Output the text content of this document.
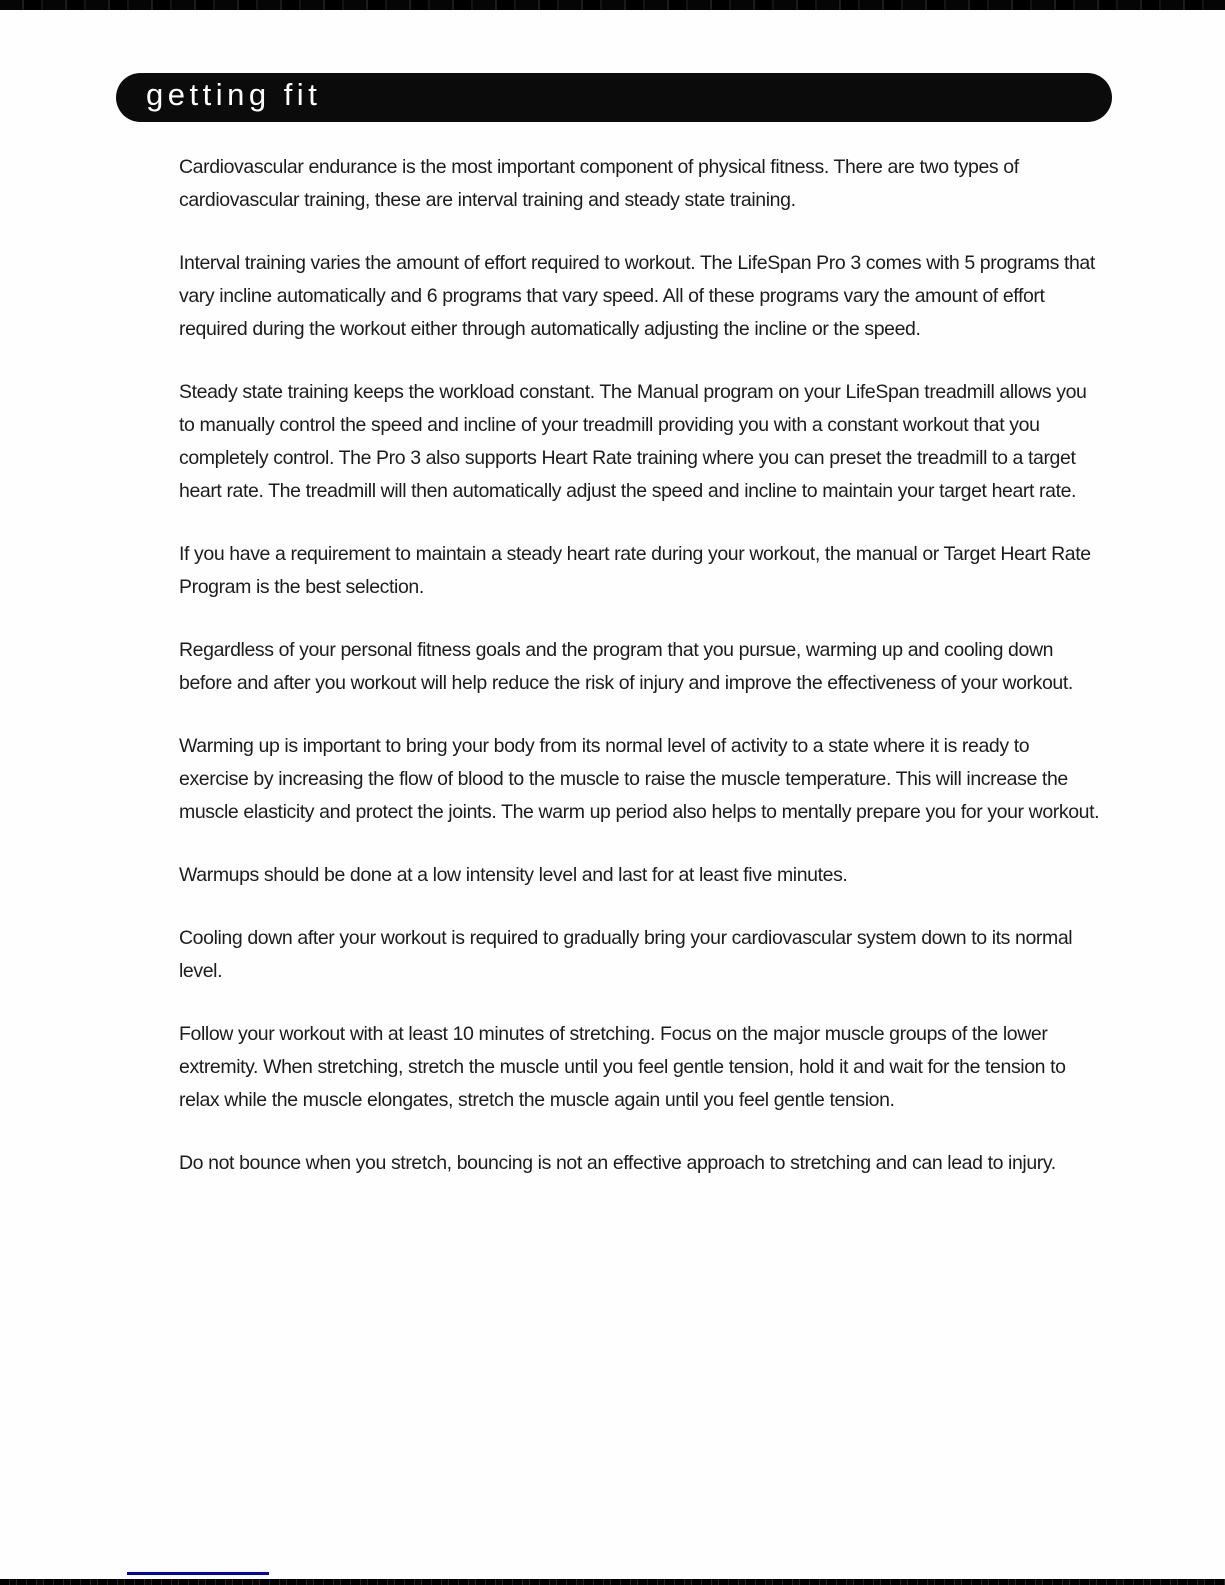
getting fit

Cardiovascular endurance is the most important component of physical fitness. There are two types of cardiovascular training, these are interval training and steady state training.

Interval training varies the amount of effort required to workout. The LifeSpan Pro 3 comes with 5 programs that vary incline automatically and 6 programs that vary speed. All of these programs vary the amount of effort required during the workout either through automatically adjusting the incline or the speed.

Steady state training keeps the workload constant. The Manual program on your LifeSpan treadmill allows you to manually control the speed and incline of your treadmill providing you with a constant workout that you completely control. The Pro 3 also supports Heart Rate training where you can preset the treadmill to a target heart rate. The treadmill will then automatically adjust the speed and incline to maintain your target heart rate.

If you have a requirement to maintain a steady heart rate during your workout, the manual or Target Heart Rate Program is the best selection.

Regardless of your personal fitness goals and the program that you pursue, warming up and cooling down before and after you workout will help reduce the risk of injury and improve the effectiveness of your workout.

Warming up is important to bring your body from its normal level of activity to a state where it is ready to exercise by increasing the flow of blood to the muscle to raise the muscle temperature. This will increase the muscle elasticity and protect the joints. The warm up period also helps to mentally prepare you for your workout.

Warmups should be done at a low intensity level and last for at least five minutes.

Cooling down after your workout is required to gradually bring your cardiovascular system down to its normal level.

Follow your workout with at least 10 minutes of stretching. Focus on the major muscle groups of the lower extremity. When stretching, stretch the muscle until you feel gentle tension, hold it and wait for the tension to relax while the muscle elongates, stretch the muscle again until you feel gentle tension.

Do not bounce when you stretch, bouncing is not an effective approach to stretching and can lead to injury.
